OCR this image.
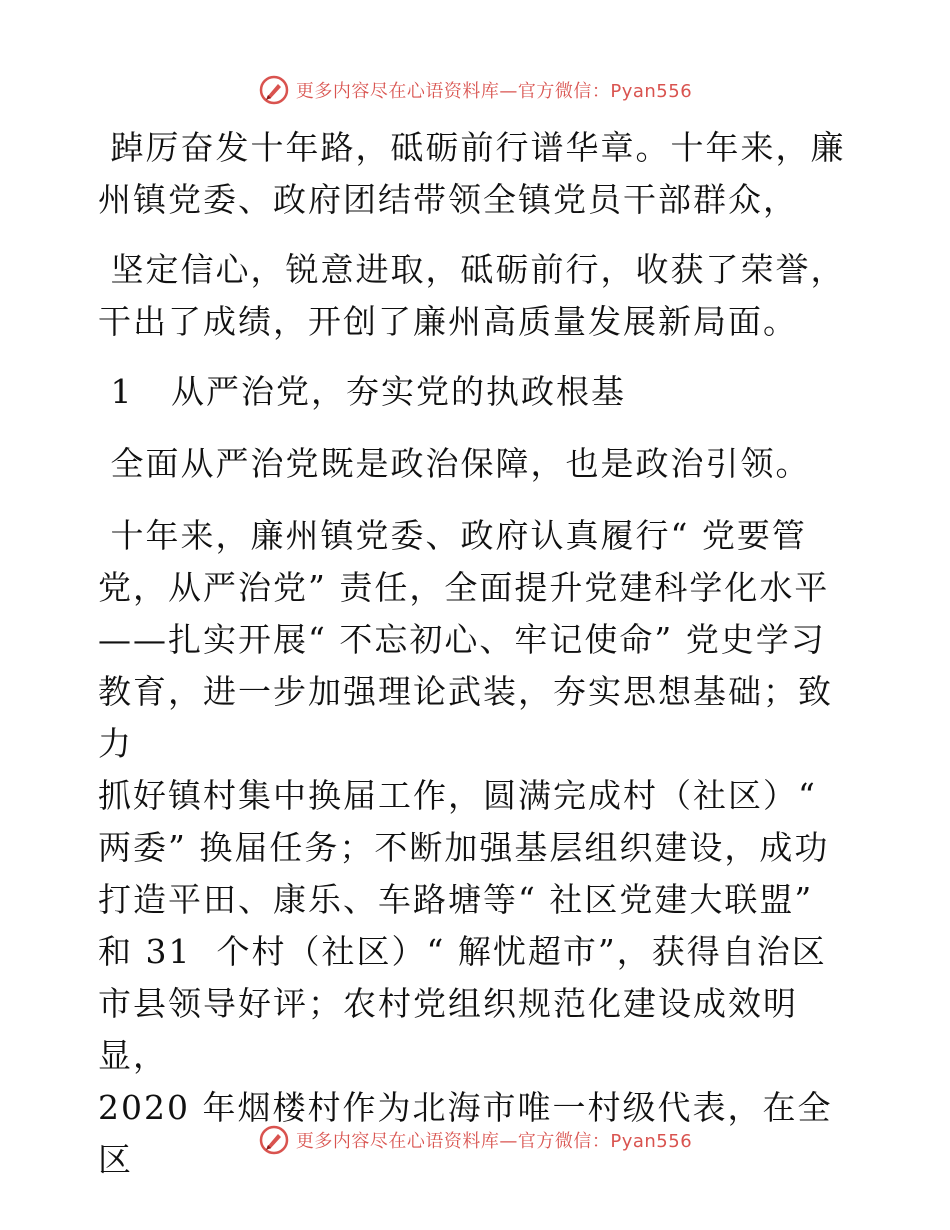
更多内容尽在心语资料库—官方微信：Pyan556

踔厉奋发十年路，砥砺前行谱华章。十年来，廉
州镇党委、政府团结带领全镇党员干部群众，

坚定信心，锐意进取，砥砺前行，收获了荣誉，
干出了成绩，开创了廉州高质量发展新局面。

1   从严治党，夯实党的执政根基

全面从严治党既是政治保障，也是政治引领。

十年来，廉州镇党委、政府认真履行“ 党要管
党，从严治党” 责任，全面提升党建科学化水平
——扎实开展“ 不忘初心、牢记使命” 党史学习
教育，进一步加强理论武装，夯实思想基础；致力
抓好镇村集中换届工作，圆满完成村（社区）“
两委” 换届任务；不断加强基层组织建设，成功
打造平田、康乐、车路塘等“ 社区党建大联盟”
和 31  个村（社区）“ 解忧超市”，获得自治区
市县领导好评；农村党组织规范化建设成效明显，
2020 年烟楼村作为北海市唯一村级代表，在全区	更多内容尽在心语资料库—官方微信：Pyan556
